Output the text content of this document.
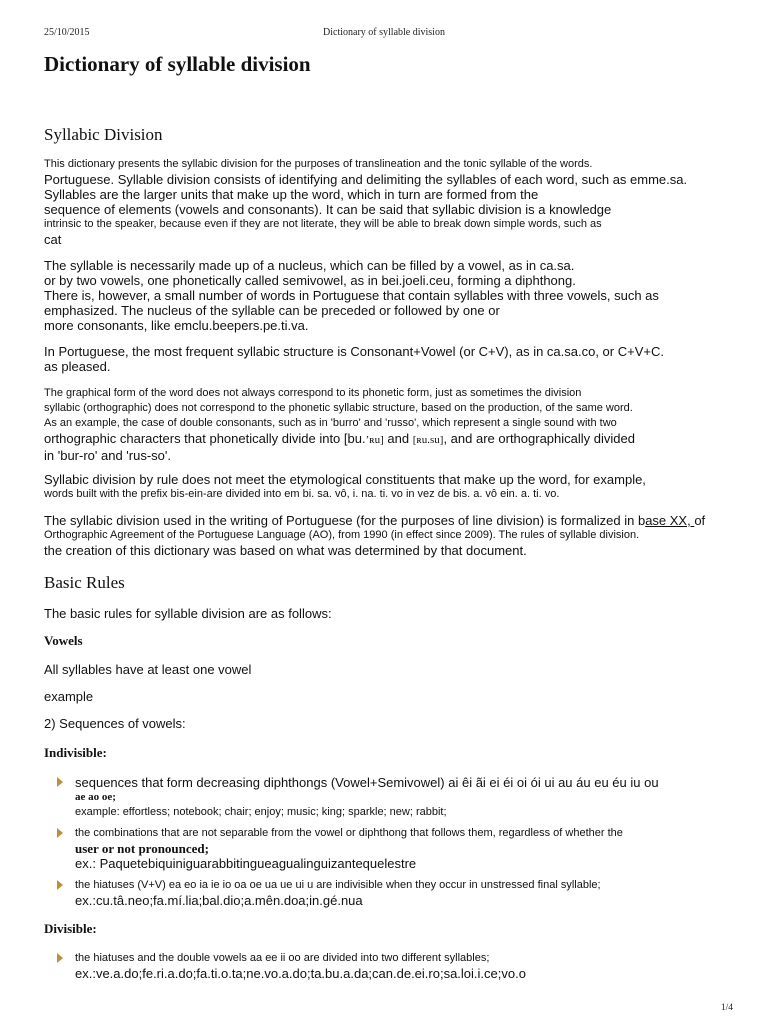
25/10/2015	Dictionary of syllable division
Dictionary of syllable division
Syllabic Division
This dictionary presents the syllabic division for the purposes of translineation and the tonic syllable of the words.
Portuguese. Syllable division consists of identifying and delimiting the syllables of each word, such as emme.sa.
Syllables are the larger units that make up the word, which in turn are formed from the
sequence of elements (vowels and consonants). It can be said that syllabic division is a knowledge
intrinsic to the speaker, because even if they are not literate, they will be able to break down simple words, such as
cat
The syllable is necessarily made up of a nucleus, which can be filled by a vowel, as in ca.sa.
or by two vowels, one phonetically called semivowel, as in bei.joeli.ceu, forming a diphthong.
There is, however, a small number of words in Portuguese that contain syllables with three vowels, such as
emphasized. The nucleus of the syllable can be preceded or followed by one or
more consonants, like emclu.beepers.pe.ti.va.
In Portuguese, the most frequent syllabic structure is Consonant+Vowel (or C+V), as in ca.sa.co, or C+V+C.
as pleased.
The graphical form of the word does not always correspond to its phonetic form, just as sometimes the division
syllabic (orthographic) does not correspond to the phonetic syllabic structure, based on the production, of the same word.
As an example, the case of double consonants, such as in 'burro' and 'russo', which represent a single sound with two
orthographic characters that phonetically divide into [bu.ʼʀu] and [ʀu.su], and are orthographically divided
in 'bur-ro' and 'rus-so'.
Syllabic division by rule does not meet the etymological constituents that make up the word, for example,
words built with the prefix bis-ein-are divided into em bi. sa. vô, i. na. ti. vo in vez de bis. a. vô ein. a. ti. vo.
The syllabic division used in the writing of Portuguese (for the purposes of line division) is formalized in base XX, of
Orthographic Agreement of the Portuguese Language (AO), from 1990 (in effect since 2009). The rules of syllable division.
the creation of this dictionary was based on what was determined by that document.
Basic Rules
The basic rules for syllable division are as follows:
Vowels
All syllables have at least one vowel
example
2) Sequences of vowels:
Indivisible:
sequences that form decreasing diphthongs (Vowel+Semivowel) ai êi ãi ei éi oi ói ui au áu eu éu iu ou
ae ao oe;
example: effortless; notebook; chair; enjoy; music; king; sparkle; new; rabbit;
the combinations that are not separable from the vowel or diphthong that follows them, regardless of whether the
user or not pronounced;
ex.: Paquetebiquiniguarabbitingueagualinguizantequelestre
the hiatuses (V+V) ea eo ia ie io oa oe ua ue ui u are indivisible when they occur in unstressed final syllable;
ex.:cu.tâ.neo;fa.mí.lia;bal.dio;a.mên.doa;in.gé.nua
Divisible:
the hiatuses and the double vowels aa ee ii oo are divided into two different syllables;
ex.:ve.a.do;fe.ri.a.do;fa.ti.o.ta;ne.vo.a.do;ta.bu.a.da;can.de.ei.ro;sa.loi.i.ce;vo.o
1/4
